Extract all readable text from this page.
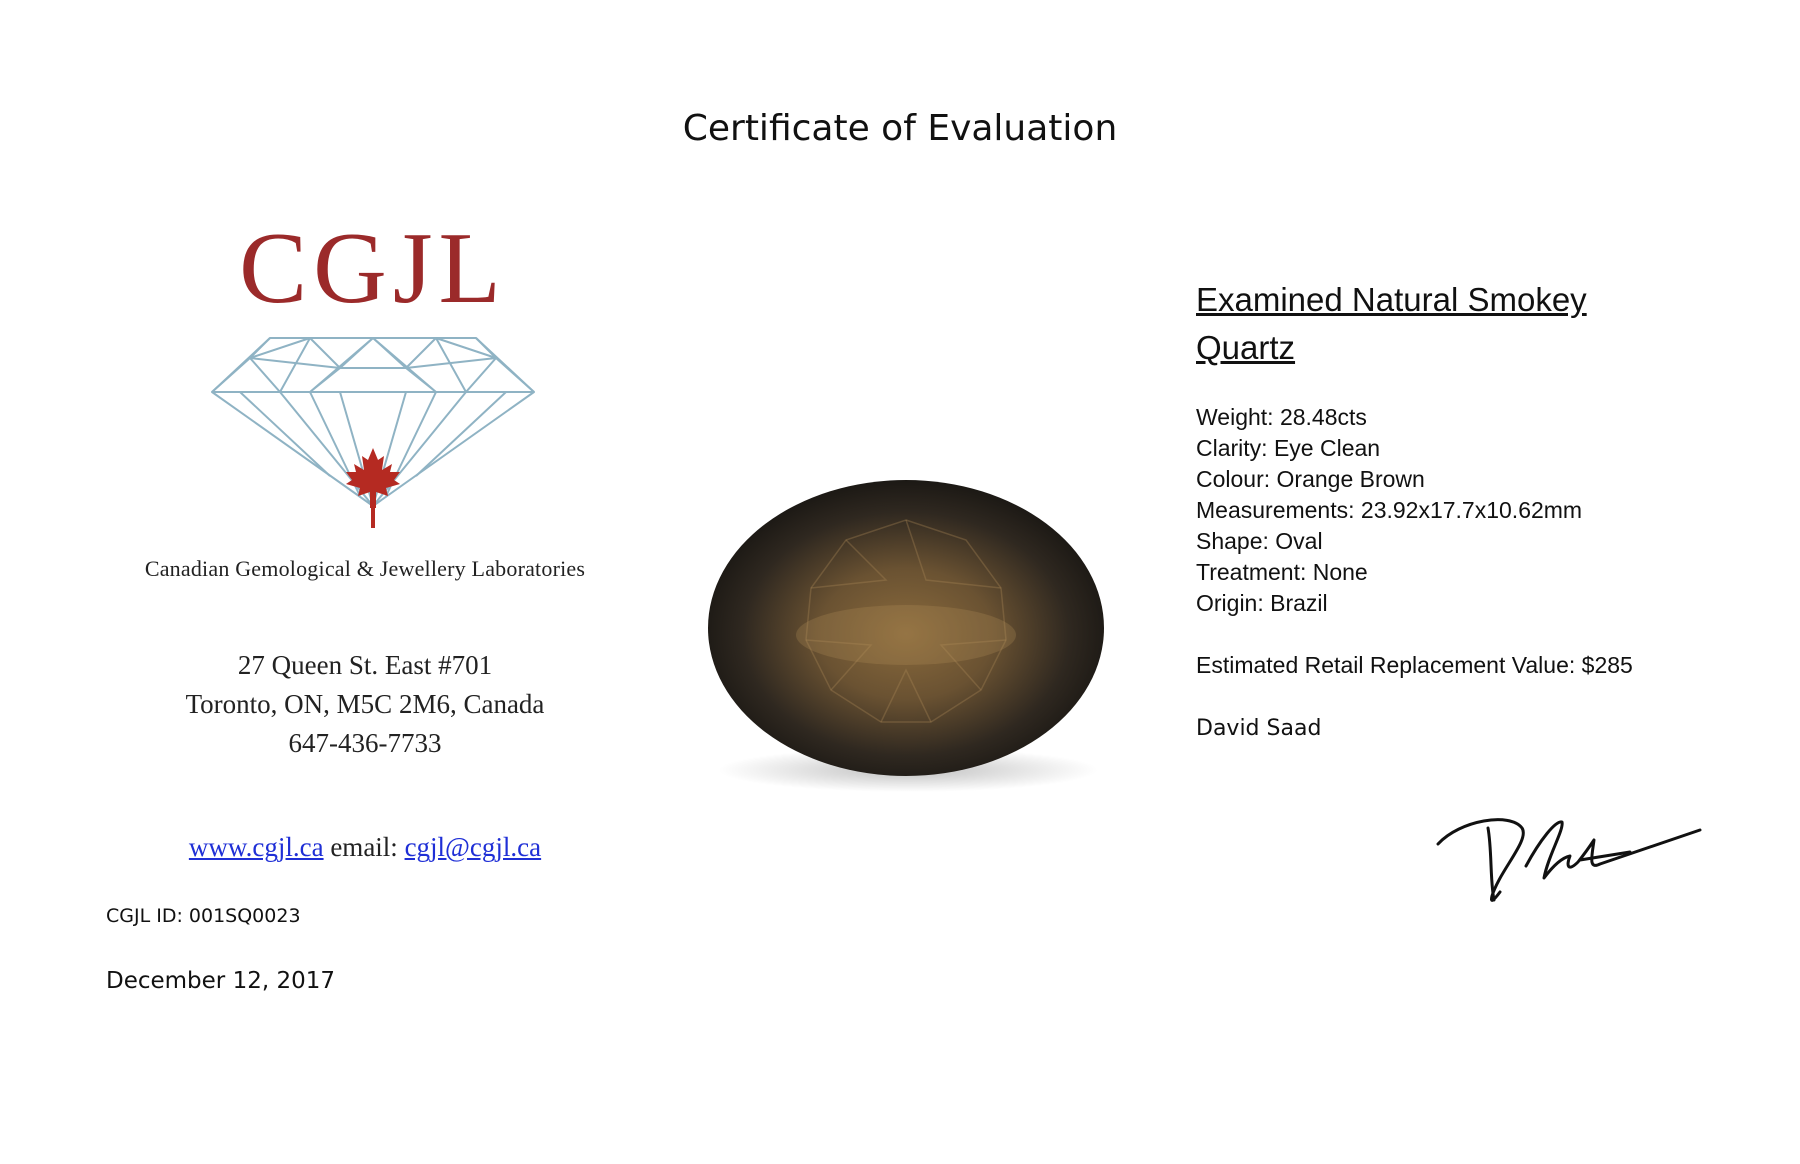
Certificate of Evaluation
CGJL
Canadian Gemological & Jewellery Laboratories
27 Queen St. East #701
Toronto, ON, M5C 2M6, Canada
647-436-7733
www.cgjl.ca email: cgjl@cgjl.ca
CGJL ID: 001SQ0023
December 12, 2017
Examined Natural Smokey Quartz
Weight: 28.48cts
Clarity: Eye Clean
Colour: Orange Brown
Measurements: 23.92x17.7x10.62mm
Shape: Oval
Treatment: None
Origin: Brazil
Estimated Retail Replacement Value: $285
David Saad
